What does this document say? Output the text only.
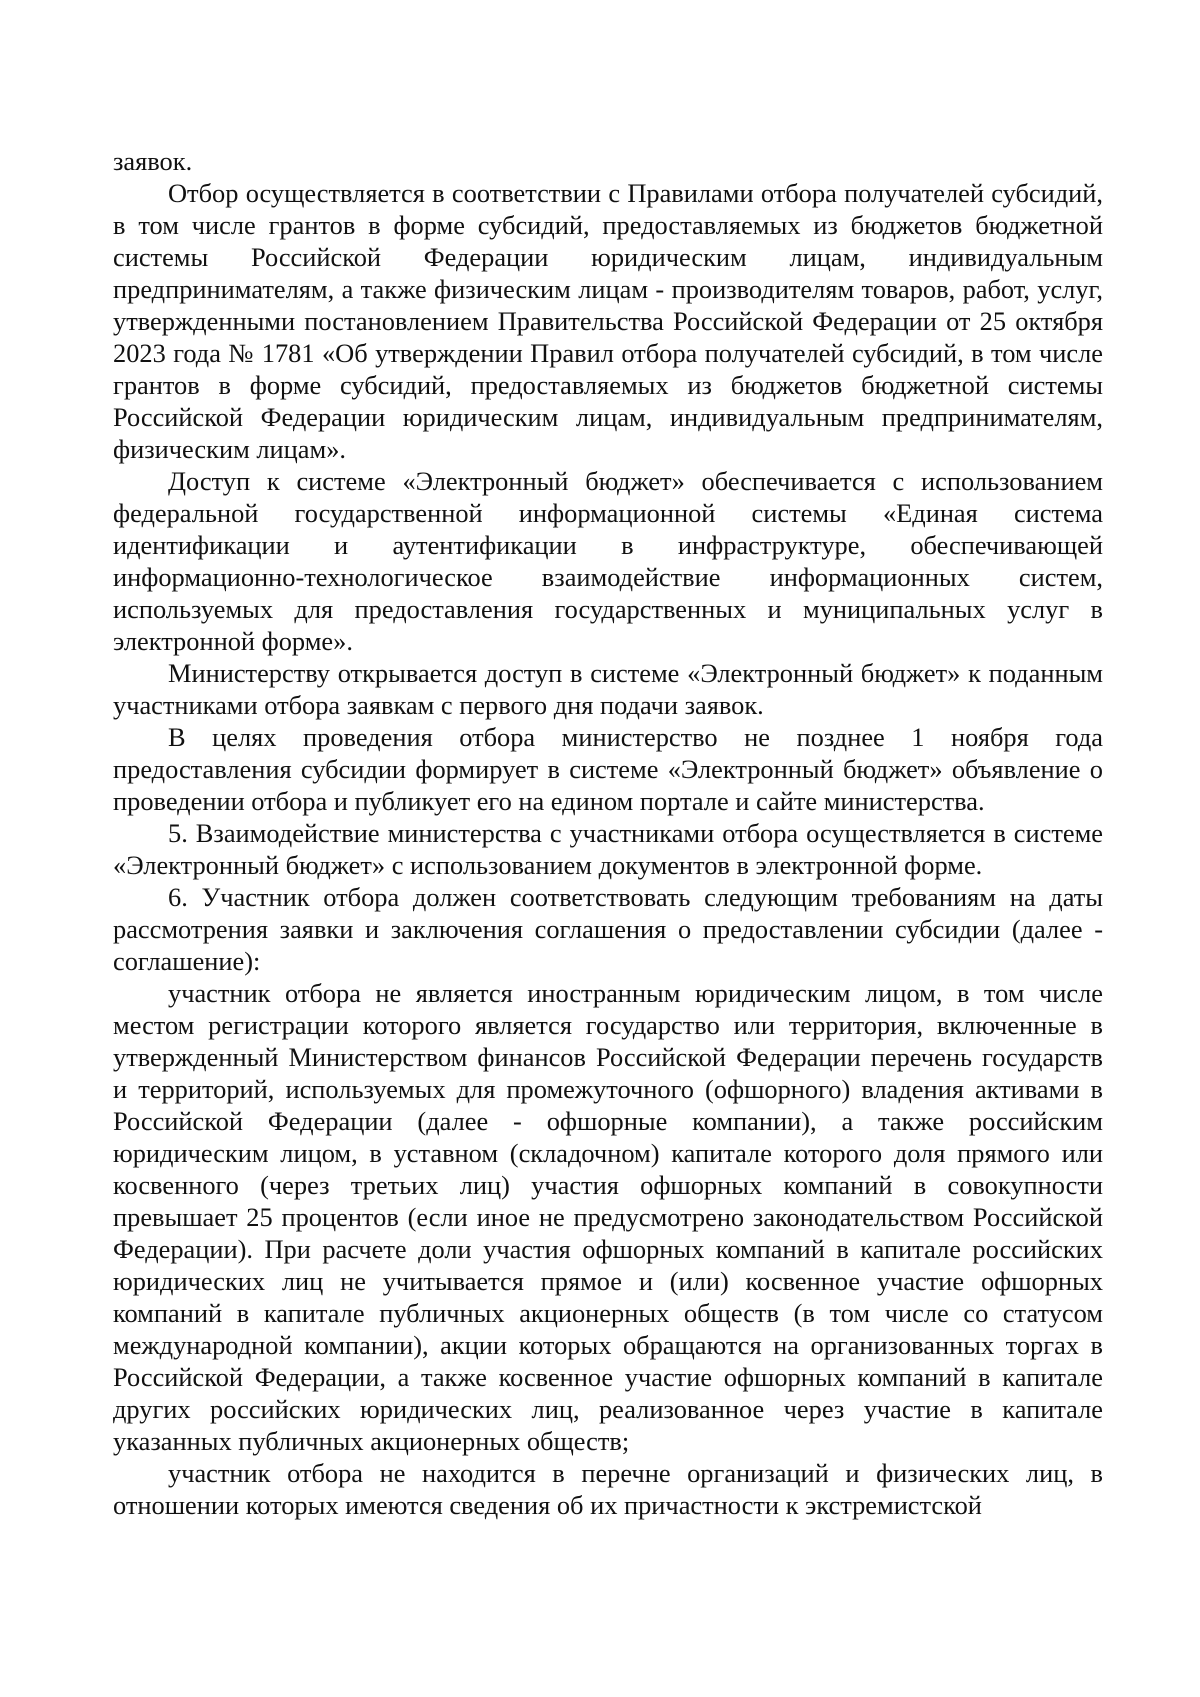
заявок.

Отбор осуществляется в соответствии с Правилами отбора получателей субсидий, в том числе грантов в форме субсидий, предоставляемых из бюджетов бюджетной системы Российской Федерации юридическим лицам, индивидуальным предпринимателям, а также физическим лицам - производителям товаров, работ, услуг, утвержденными постановлением Правительства Российской Федерации от 25 октября 2023 года № 1781 «Об утверждении Правил отбора получателей субсидий, в том числе грантов в форме субсидий, предоставляемых из бюджетов бюджетной системы Российской Федерации юридическим лицам, индивидуальным предпринимателям, физическим лицам».

Доступ к системе «Электронный бюджет» обеспечивается с использованием федеральной государственной информационной системы «Единая система идентификации и аутентификации в инфраструктуре, обеспечивающей информационно-технологическое взаимодействие информационных систем, используемых для предоставления государственных и муниципальных услуг в электронной форме».

Министерству открывается доступ в системе «Электронный бюджет» к поданным участниками отбора заявкам с первого дня подачи заявок.

В целях проведения отбора министерство не позднее 1 ноября года предоставления субсидии формирует в системе «Электронный бюджет» объявление о проведении отбора и публикует его на едином портале и сайте министерства.

5. Взаимодействие министерства с участниками отбора осуществляется в системе «Электронный бюджет» с использованием документов в электронной форме.

6. Участник отбора должен соответствовать следующим требованиям на даты рассмотрения заявки и заключения соглашения о предоставлении субсидии (далее - соглашение):

участник отбора не является иностранным юридическим лицом, в том числе местом регистрации которого является государство или территория, включенные в утвержденный Министерством финансов Российской Федерации перечень государств и территорий, используемых для промежуточного (офшорного) владения активами в Российской Федерации (далее - офшорные компании), а также российским юридическим лицом, в уставном (складочном) капитале которого доля прямого или косвенного (через третьих лиц) участия офшорных компаний в совокупности превышает 25 процентов (если иное не предусмотрено законодательством Российской Федерации). При расчете доли участия офшорных компаний в капитале российских юридических лиц не учитывается прямое и (или) косвенное участие офшорных компаний в капитале публичных акционерных обществ (в том числе со статусом международной компании), акции которых обращаются на организованных торгах в Российской Федерации, а также косвенное участие офшорных компаний в капитале других российских юридических лиц, реализованное через участие в капитале указанных публичных акционерных обществ;

участник отбора не находится в перечне организаций и физических лиц, в отношении которых имеются сведения об их причастности к экстремистской
